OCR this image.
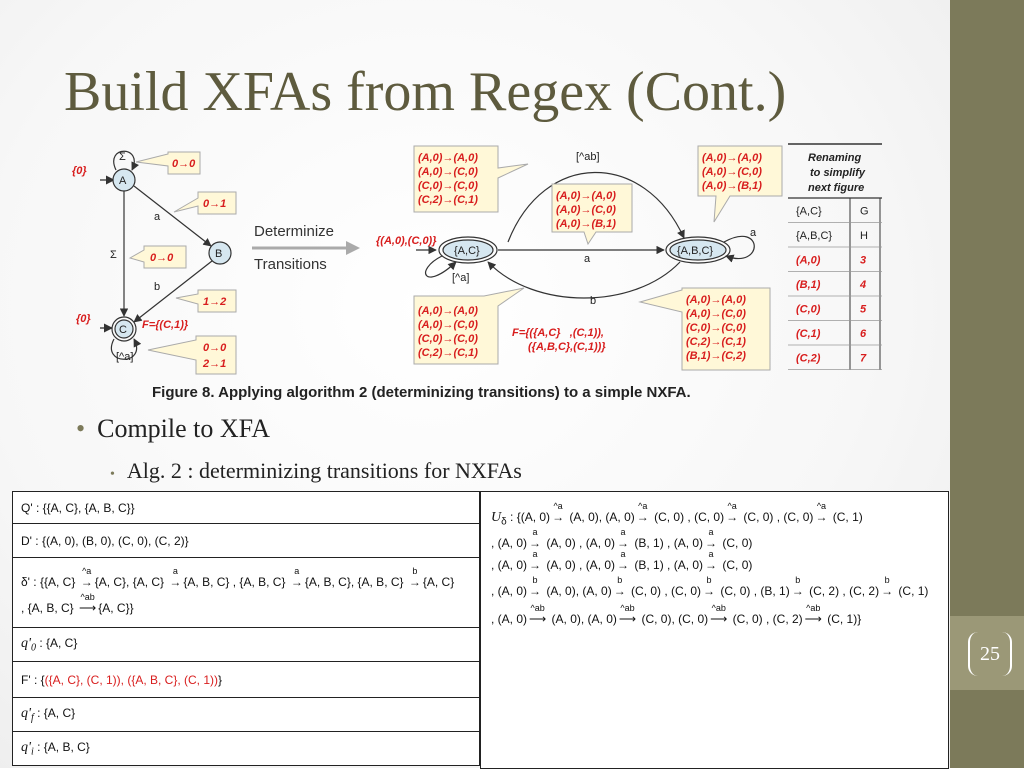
25
Build XFAs from Regex (Cont.)
{0}
Σ
A
a
B
Σ
b
{0}
C
[^a]
F={(C,1)}
0→0
0→1
0→0
1→2
0→0
2→1
Determinize
Transitions
{(A,0),(C,0)}
{A,C}	{A,B,C}
[^a]
a
[^ab]
a
b
(A,0)→(A,0)
(A,0)→(C,0)
(C,0)→(C,0)
(C,2)→(C,1)	(A,0)→(A,0)
(A,0)→(C,0)
(A,0)→(B,1)
(A,0)→(A,0)
(A,0)→(C,0)
(A,0)→(B,1)
(A,0)→(A,0)
(A,0)→(C,0)
(C,0)→(C,0)
(C,2)→(C,1)
(A,0)→(A,0)
(A,0)→(C,0)
(C,0)→(C,0)
(C,2)→(C,1)
(B,1)→(C,2)
F={({A,C}   ,(C,1)),
({A,B,C},(C,1))}
Renaming
to simplify
next figure
{A,C}	G
{A,B,C}	H
(A,0)	3
(B,1)	4
(C,0)	5
(C,1)	6
(C,2)	7
Figure 8. Applying algorithm 2 (determinizing transitions) to a simple NXFA.
• Compile to XFA
• Alg. 2 : determinizing transitions for NXFAs
Q' : {{A, C}, {A, B, C}}
D' : {(A, 0), (B, 0), (C, 0), (C, 2)}

δ' : {{A, C}
^a
→ {A, C}, {A, C}
a
→ {A, B, C} , {A, B, C}
a
→ {A, B, C}, {A, B, C}
b
→ {A, C}
, {A, B, C}
^ab
⟶ {A, C}}

$q'_0$ : {A, C}
F' : {({A, C}, (C, 1)), ({A, B, C}, (C, 1))}
$q'_f$ : {A, C}
$q'_i$ : {A, B, C}
$U_\delta$ : {(A, 0)
^a
→ (A, 0), (A, 0)
^a
→ (C, 0) , (C, 0)
^a
→ (C, 0) , (C, 0)
^a
→ (C, 1)
, (A, 0)
a
→ (A, 0) , (A, 0)
a
→ (B, 1) , (A, 0)
a
→ (C, 0)
, (A, 0)
a
→ (A, 0) , (A, 0)
a
→ (B, 1) , (A, 0)
a
→ (C, 0)
, (A, 0)
b
→ (A, 0), (A, 0)
b
→ (C, 0) , (C, 0)
b
→ (C, 0) , (B, 1)
b
→ (C, 2) , (C, 2)
b
→ (C, 1)
, (A, 0)
^ab
⟶ (A, 0), (A, 0)
^ab
⟶ (C, 0), (C, 0)
^ab
⟶ (C, 0) , (C, 2)
^ab
⟶ (C, 1)}
